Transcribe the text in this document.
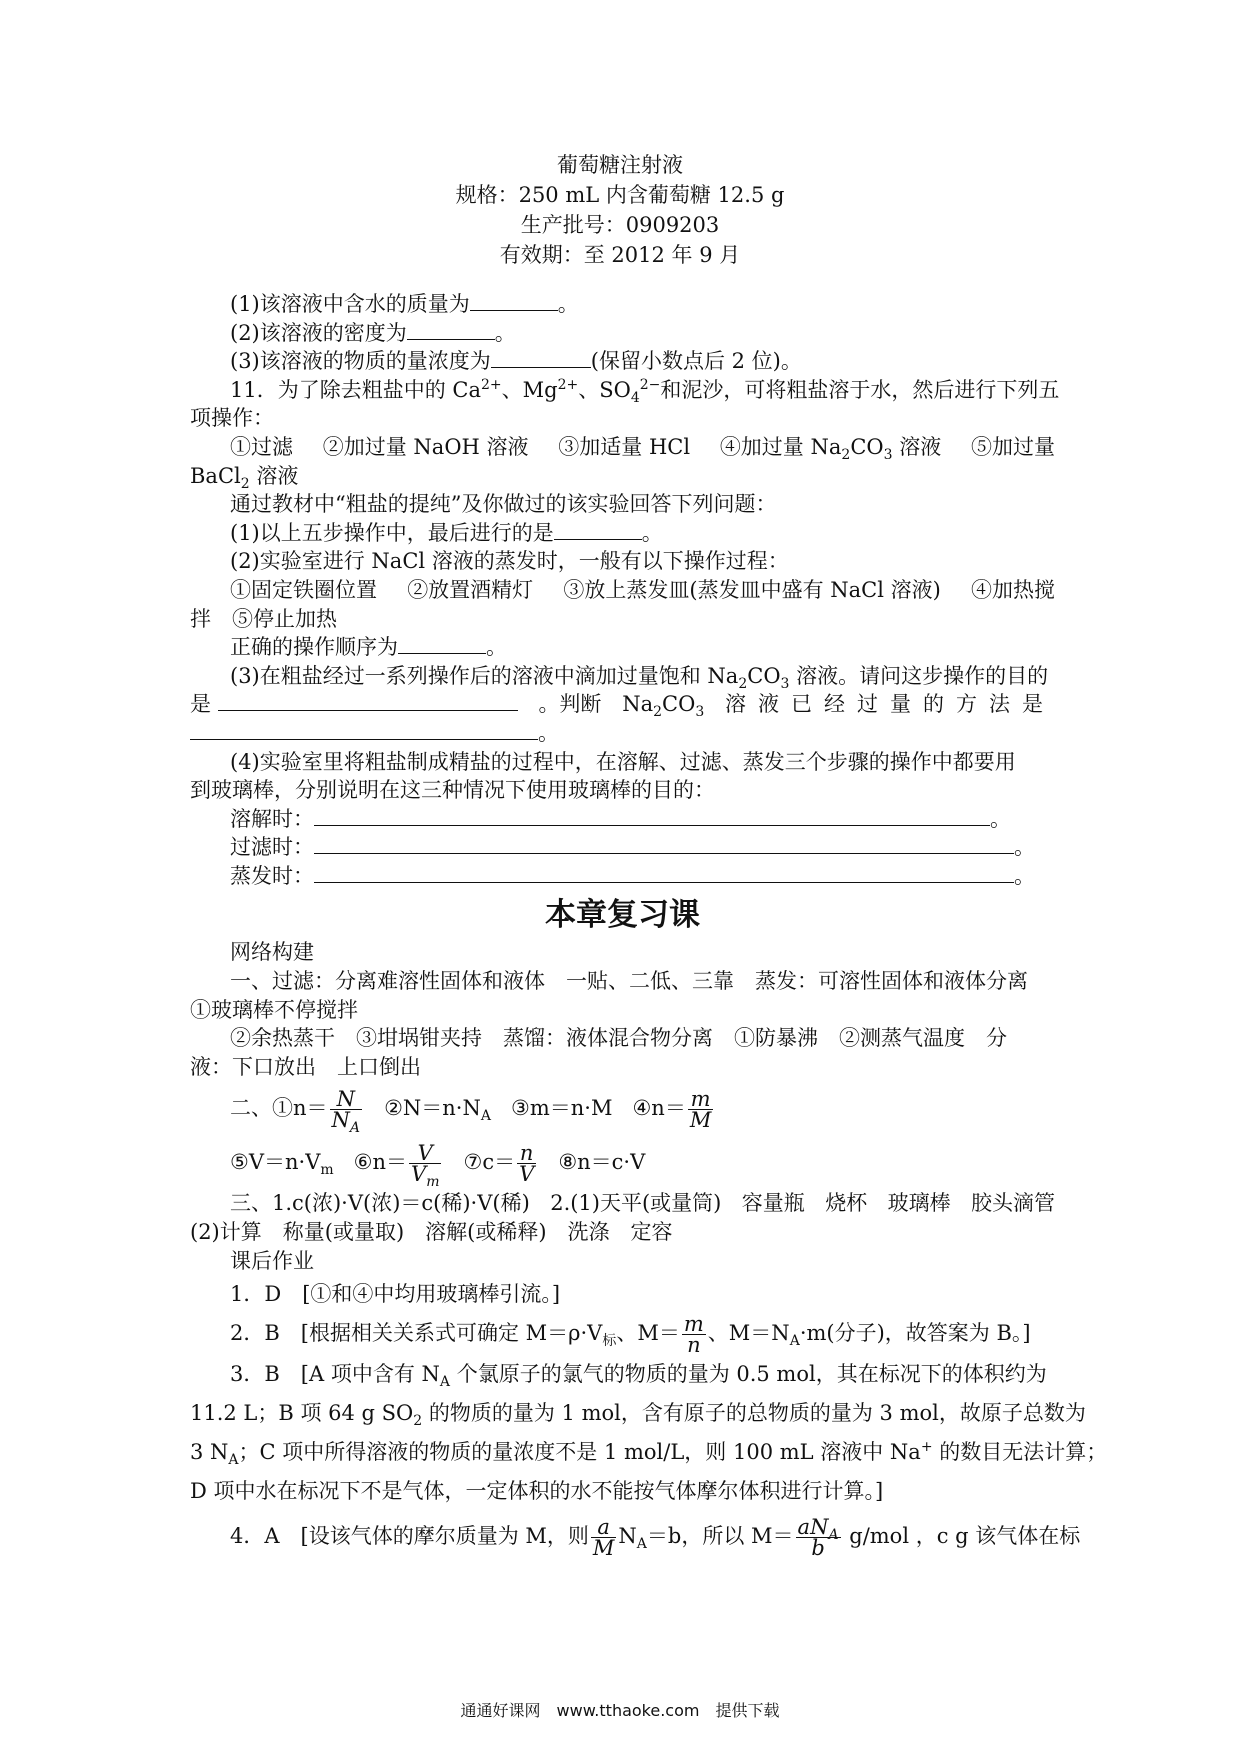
葡萄糖注射液
规格：250 mL 内含葡萄糖 12.5 g
生产批号：0909203
有效期：至 2012 年 9 月
(1)该溶液中含水的质量为	。
(2)该溶液的密度为	。
(3)该溶液的物质的量浓度为	(保留小数点后 2 位)。
11．为了除去粗盐中的 $Ca^{2+}$、$Mg^{2+}$、$SO_4^{2-}$和泥沙，可将粗盐溶于水，然后进行下列五
项操作：
①过滤 ②加过量 NaOH 溶液 ③加适量 HCl ④加过量 $Na_2CO_3$ 溶液 ⑤加过量
BaCl$_2$ 溶液
通过教材中“粗盐的提纯”及你做过的该实验回答下列问题：
(1)以上五步操作中，最后进行的是	。
(2)实验室进行 NaCl 溶液的蒸发时，一般有以下操作过程：
①固定铁圈位置 ②放置酒精灯 ③放上蒸发皿(蒸发皿中盛有 NaCl 溶液) ④加热搅
拌　⑤停止加热
正确的操作顺序为	。
(3)在粗盐经过一系列操作后的溶液中滴加过量饱和 $Na_2CO_3$ 溶液。请问这步操作的目的
是	。判断 $Na_2CO_3$ 溶液已经过量的方法是
。
(4)实验室里将粗盐制成精盐的过程中，在溶解、过滤、蒸发三个步骤的操作中都要用
到玻璃棒，分别说明在这三种情况下使用玻璃棒的目的：
溶解时：	。
过滤时：	。
蒸发时：	。
本章复习课
网络构建
一、过滤：分离难溶性固体和液体　一贴、二低、三靠　蒸发：可溶性固体和液体分离
①玻璃棒不停搅拌
②余热蒸干　③坩埚钳夹持　蒸馏：液体混合物分离　①防暴沸　②测蒸气温度　分
液：下口放出　上口倒出
二、①n＝ $\frac{N}{N_A}$ $②N=n\cdot N_A$ ③m＝n·M ④n＝ $\frac{m}{M}$
$⑤V=n\cdot V_m$ ⑥n＝ $\frac{V}{V_m}$ ⑦c＝ $\frac{n}{V}$ ⑧n＝c·V
三、1.c(浓)·V(浓)＝c(稀)·V(稀) 2.(1)天平(或量筒) 容量瓶 烧杯 玻璃棒 胶头滴管
(2)计算　称量(或量取)　溶解(或稀释)　洗涤　定容
课后作业
1．D　[①和④中均用玻璃棒引流。]
2．B　[根据相关关系式可确定 $M=\rho\cdot V_标$、$M= \frac{m}{n}$ 、$M=N_A\cdot m$(分子)，故答案为 B。]
3．B　[A 项中含有 $N_A$ 个氯原子的氯气的物质的量为 0.5 mol，其在标况下的体积约为
11.2 L；B 项 64 g $SO_2$ 的物质的量为 1 mol，含有原子的总物质的量为 3 mol，故原子总数为
3 $N_A$；C 项中所得溶液的物质的量浓度不是 1 mol/L，则 100 mL 溶液中 Na+ 的数目无法计算；
D 项中水在标况下不是气体，一定体积的水不能按气体摩尔体积进行计算。]
4．A　[设该气体的摩尔质量为 M，则 $\frac{a}{M} N_A=b$，所以 $M= \frac{aN_A}{b} g/mol$ ，c g 该气体在标
通通好课网　www.tthaoke.com　提供下载
